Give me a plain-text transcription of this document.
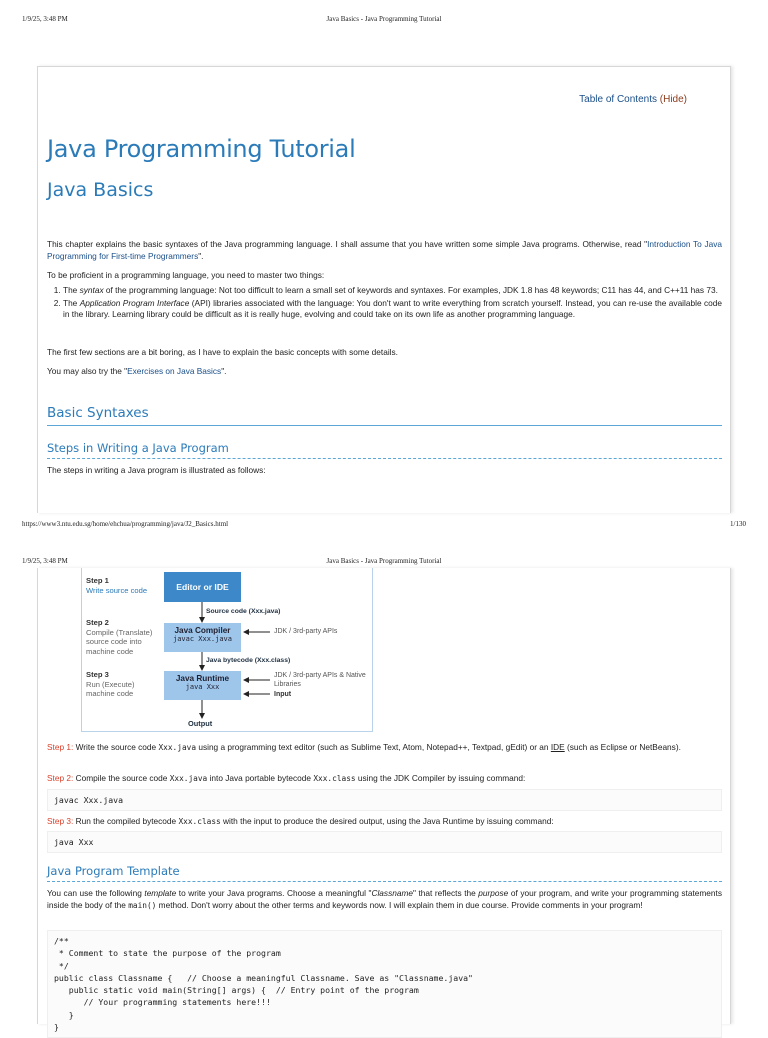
1/9/25, 3:48 PM	Java Basics - Java Programming Tutorial
Table of Contents (Hide)
Java Programming Tutorial
Java Basics

This chapter explains the basic syntaxes of the Java programming language. I shall assume that you have written some simple Java programs. Otherwise, read "Introduction To Java Programming for First-time Programmers".

To be proficient in a programming language, you need to master two things:

1. The syntax of the programming language: Not too difficult to learn a small set of keywords and syntaxes. For examples, JDK 1.8 has 48 keywords; C11 has 44, and C++11 has 73.
2. The Application Program Interface (API) libraries associated with the language: You don't want to write everything from scratch yourself. Instead, you can re-use the available code in the library. Learning library could be difficult as it is really huge, evolving and could take on its own life as another programming language.

The first few sections are a bit boring, as I have to explain the basic concepts with some details.

You may also try the "Exercises on Java Basics".

Basic Syntaxes
Steps in Writing a Java Program

The steps in writing a Java program is illustrated as follows:

https://www3.ntu.edu.sg/home/ehchua/programming/java/J2_Basics.html	1/130
1/9/25, 3:48 PM	Java Basics - Java Programming Tutorial
Step 1
Write source code
Step 2
Compile (Translate) source code into machine code
Step 3
Run (Execute) machine code
Editor or IDE
Source code (Xxx.java)
Java Compiler
javac Xxx.java
JDK / 3rd-party APIs
Java bytecode (Xxx.class)
Java Runtime
java Xxx
JDK / 3rd-party APIs & Native Libraries
Input
Output

Step 1: Write the source code Xxx.java using a programming text editor (such as Sublime Text, Atom, Notepad++, Textpad, gEdit) or an IDE (such as Eclipse or NetBeans).

Step 2: Compile the source code Xxx.java into Java portable bytecode Xxx.class using the JDK Compiler by issuing command:

javac Xxx.java

Step 3: Run the compiled bytecode Xxx.class with the input to produce the desired output, using the Java Runtime by issuing command:

java Xxx
Java Program Template

You can use the following template to write your Java programs. Choose a meaningful "Classname" that reflects the purpose of your program, and write your programming statements inside the body of the main() method. Don't worry about the other terms and keywords now. I will explain them in due course. Provide comments in your program!

/**
* Comment to state the purpose of the program
*/
public class Classname {   // Choose a meaningful Classname. Save as "Classname.java"
public static void main(String[] args) {  // Entry point of the program
// Your programming statements here!!!
}
}
